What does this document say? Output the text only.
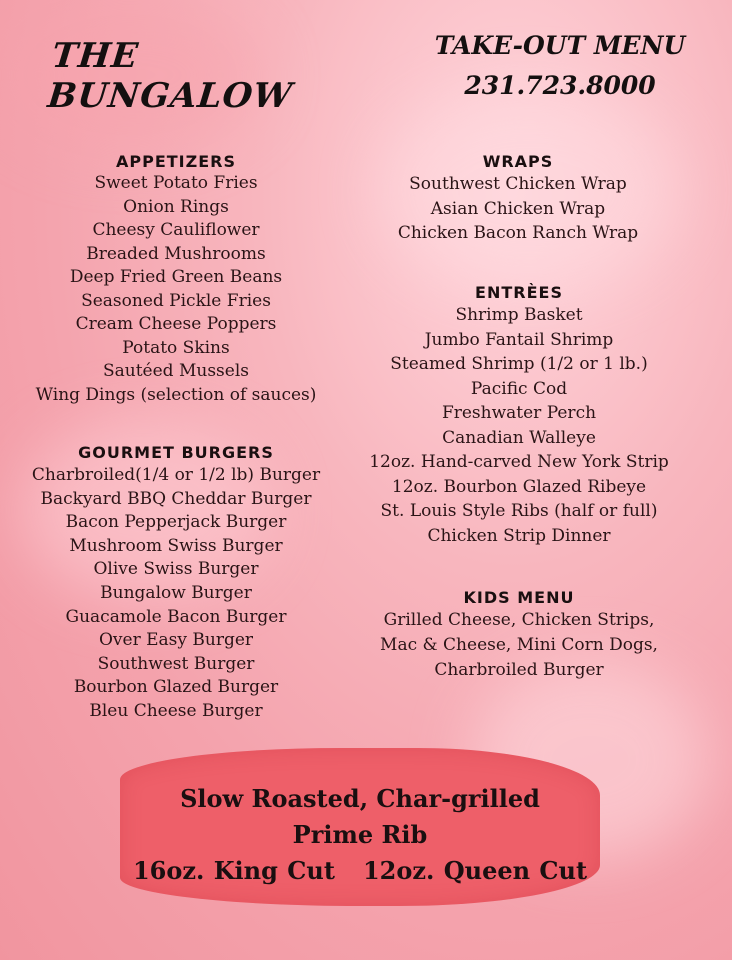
THE BUNGALOW
TAKE-OUT MENU
231.723.8000
APPETIZERS
Sweet Potato Fries
Onion Rings
Cheesy Cauliflower
Breaded Mushrooms
Deep Fried Green Beans
Seasoned Pickle Fries
Cream Cheese Poppers
Potato Skins
Sautéed Mussels
Wing Dings (selection of sauces)
GOURMET BURGERS
Charbroiled(1/4 or 1/2 lb) Burger
Backyard BBQ Cheddar Burger
Bacon Pepperjack Burger
Mushroom Swiss Burger
Olive Swiss Burger
Bungalow Burger
Guacamole Bacon Burger
Over Easy Burger
Southwest Burger
Bourbon Glazed Burger
Bleu Cheese Burger
WRAPS
Southwest Chicken Wrap
Asian Chicken Wrap
Chicken Bacon Ranch Wrap
ENTRÈES
Shrimp Basket
Jumbo Fantail Shrimp
Steamed Shrimp (1/2 or 1 lb.)
Pacific Cod
Freshwater Perch
Canadian Walleye
12oz. Hand-carved New York Strip
12oz. Bourbon Glazed Ribeye
St. Louis Style Ribs (half or full)
Chicken Strip Dinner
KIDS MENU
Grilled Cheese, Chicken Strips,
Mac & Cheese, Mini Corn Dogs,
Charbroiled Burger
Slow Roasted, Char-grilled
Prime Rib
16oz. King Cut   12oz. Queen Cut
